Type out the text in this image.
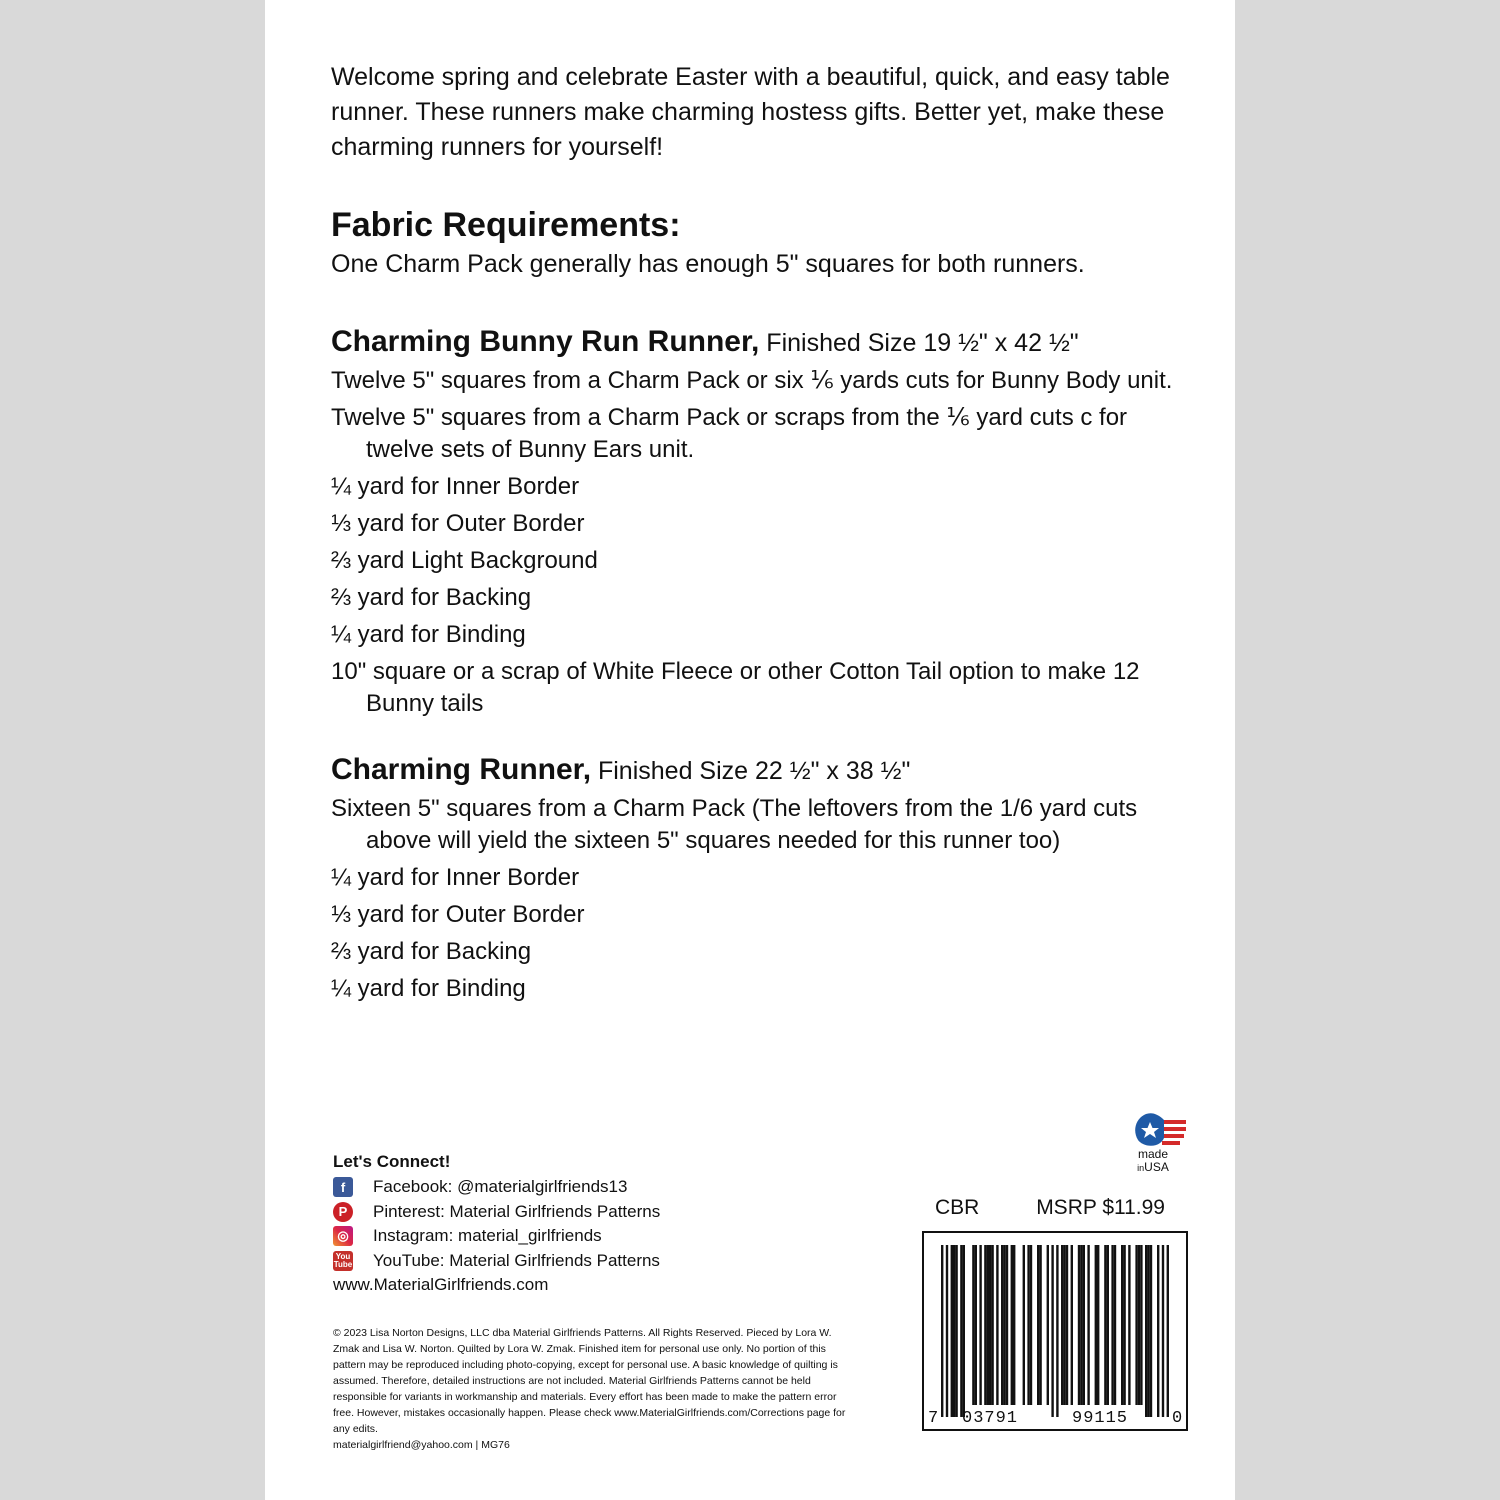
Welcome spring and celebrate Easter with a beautiful, quick, and easy table runner. These runners make charming hostess gifts. Better yet, make these charming runners for yourself!

Fabric Requirements:

One Charm Pack generally has enough 5" squares for both runners.

Charming Bunny Run Runner, Finished Size 19 ½" x 42 ½"

Twelve 5" squares from a Charm Pack or six ⅙ yards cuts for Bunny Body unit.
Twelve 5" squares from a Charm Pack or scraps from the ⅙ yard cuts c for twelve sets of Bunny Ears unit.
¼ yard for Inner Border
⅓ yard for Outer Border
⅔ yard Light Background
⅔ yard for Backing
¼ yard for Binding
10" square or a scrap of White Fleece or other Cotton Tail option to make 12 Bunny tails

Charming Runner, Finished Size 22 ½" x 38 ½"

Sixteen 5" squares from a Charm Pack (The leftovers from the 1/6 yard cuts above will yield the sixteen 5" squares needed for this runner too)
¼ yard for Inner Border
⅓ yard for Outer Border
⅔ yard for Backing
¼ yard for Binding
Let's Connect!
f	Facebook: @materialgirlfriends13
P	Pinterest: Material Girlfriends Patterns
◎ Instagram: material_girlfriends
You
Tube YouTube: Material Girlfriends Patterns
www.MaterialGirlfriends.com
© 2023 Lisa Norton Designs, LLC dba Material Girlfriends Patterns. All Rights Reserved. Pieced by Lora W. Zmak and Lisa W. Norton. Quilted by Lora W. Zmak. Finished item for personal use only. No portion of this pattern may be reproduced including photo-copying, except for personal use. A basic knowledge of quilting is assumed. Therefore, detailed instructions are not included. Material Girlfriends Patterns cannot be held responsible for variants in workmanship and materials. Every effort has been made to make the pattern error free. However, mistakes occasionally happen. Please check www.MaterialGirlfriends.com/Corrections page for any edits.
materialgirlfriend@yahoo.com | MG76
made
inUSA
CBR	MSRP $11.99
7 03791	99115	0
